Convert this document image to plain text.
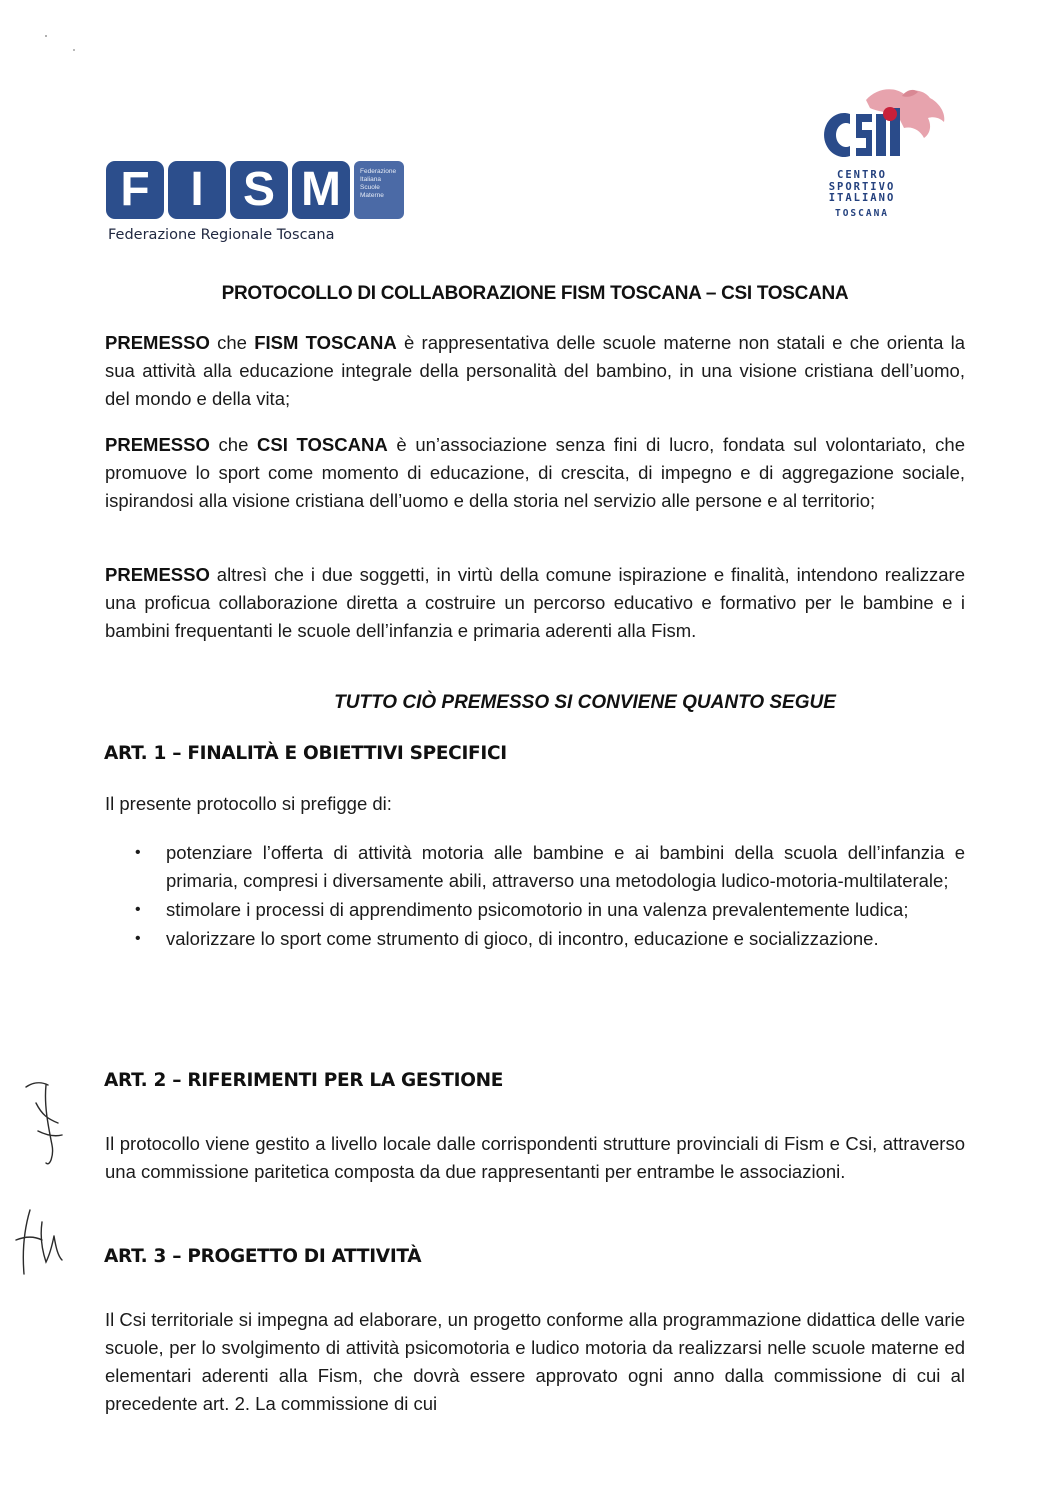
F I S M	Federazione
Italiana
Scuole
Materne
Federazione Regionale Toscana
CENTRO
SPORTIVO
ITALIANO
TOSCANA
PROTOCOLLO DI COLLABORAZIONE FISM TOSCANA – CSI TOSCANA
PREMESSO che FISM TOSCANA è rappresentativa delle scuole materne non statali e che orienta la sua attività alla educazione integrale della personalità del bambino, in una visione cristiana dell’uomo, del mondo e della vita;
PREMESSO che CSI TOSCANA è un’associazione senza fini di lucro, fondata sul volontariato, che promuove lo sport come momento di educazione, di crescita, di impegno e di aggregazione sociale, ispirandosi alla visione cristiana dell’uomo e della storia nel servizio alle persone e al territorio;
PREMESSO altresì che i due soggetti, in virtù della comune ispirazione e finalità, intendono realizzare una proficua collaborazione diretta a costruire un percorso educativo e formativo per le bambine e i bambini frequentanti le scuole dell’infanzia e primaria aderenti alla Fism.
TUTTO CIÒ PREMESSO SI CONVIENE QUANTO SEGUE
ART. 1 – FINALITÀ E OBIETTIVI SPECIFICI
Il presente protocollo si prefigge di:
• potenziare l’offerta di attività motoria alle bambine e ai bambini della scuola dell’infanzia e primaria, compresi i diversamente abili, attraverso una metodologia ludico-motoria-multilaterale;
• stimolare i processi di apprendimento psicomotorio in una valenza prevalentemente ludica;
• valorizzare lo sport come strumento di gioco, di incontro, educazione e socializzazione.
ART. 2 – RIFERIMENTI PER LA GESTIONE
Il protocollo viene gestito a livello locale dalle corrispondenti strutture provinciali di Fism e Csi, attraverso una commissione paritetica composta da due rappresentanti per entrambe le associazioni.
ART. 3 – PROGETTO DI ATTIVITÀ
Il Csi territoriale si impegna ad elaborare, un progetto conforme alla programmazione didattica delle varie scuole, per lo svolgimento di attività psicomotoria e ludico motoria da realizzarsi nelle scuole materne ed elementari aderenti alla Fism, che dovrà essere approvato ogni anno dalla commissione di cui al precedente art. 2. La commissione di cui
